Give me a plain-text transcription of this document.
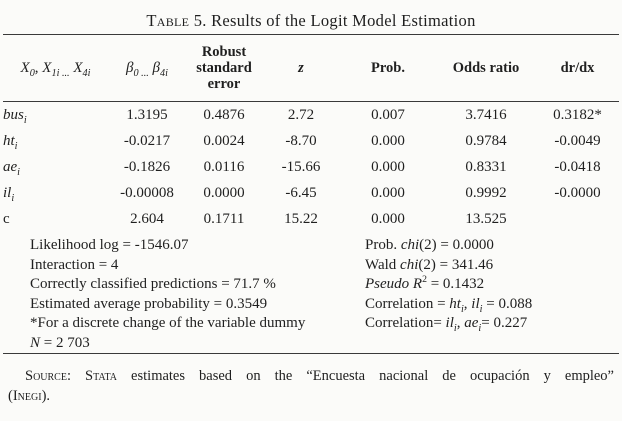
Table 5. Results of the Logit Model Estimation
$X_0$, $X_{1i ...}$ $X_{4i}$	$\beta_{0 ...}$ $\beta_{4i}$	Robust standard error	z	Prob.	Odds ratio	dr/dx
bus$_i$	1.3195	0.4876	2.72	0.007	3.7416	0.3182*
$ht_i$	-0.0217	0.0024	-8.70	0.000	0.9784	-0.0049
$ae_i$	-0.1826	0.0116	-15.66	0.000	0.8331	-0.0418
$il_i$	-0.00008	0.0000	-6.45	0.000	0.9992	-0.0000
c	2.604	0.1711	15.22	0.000	13.525	
Likelihood log = -1546.07	Prob. chi(2) = 0.0000
Interaction = 4	Wald chi(2) = 341.46
Correctly classified predictions = 71.7 %	Pseudo $R^2 = 0.1432$
Estimated average probability = 0.3549	Correlation = $ht_i$, $il_i = 0.088$
*For a discrete change of the variable dummy	Correlation= $il_i$, $ae_i= 0.227$
N = 2 703
Source: Stata estimates based on the “Encuesta nacional de ocupación y empleo”
(Inegi).
